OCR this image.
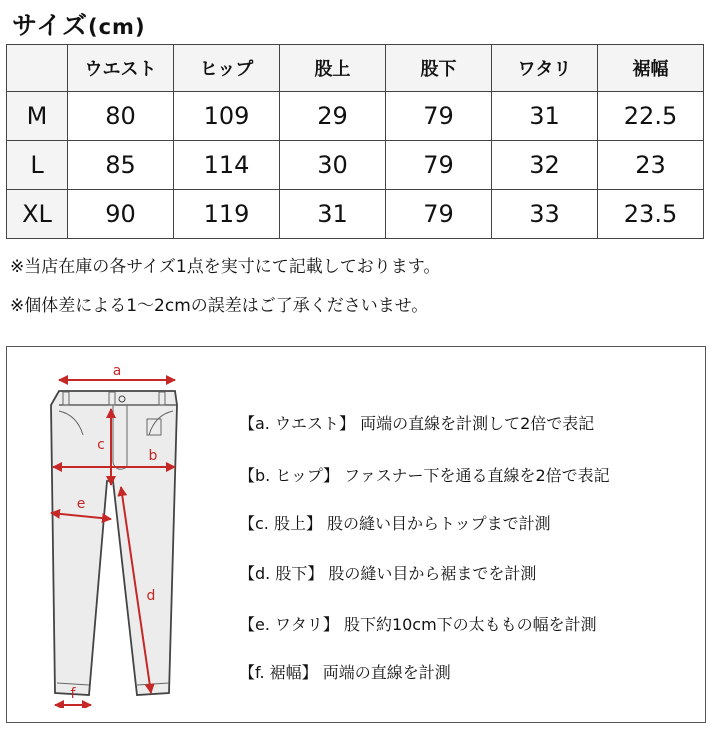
サイズ(cm)
	ウエスト	ヒップ	股上	股下	ワタリ	裾幅
M	80	109	29	79	31	22.5
L	85	114	30	79	32	23
XL	90	119	31	79	33	23.5
※当店在庫の各サイズ1点を実寸にて記載しております。
※個体差による1〜2cmの誤差はご了承くださいませ。
a
b
c
e
d
f
【a. ウエスト】 両端の直線を計測して2倍で表記
【b. ヒップ】 ファスナー下を通る直線を2倍で表記
【c. 股上】 股の縫い目からトップまで計測
【d. 股下】 股の縫い目から裾までを計測
【e. ワタリ】 股下約10cm下の太ももの幅を計測
【f. 裾幅】 両端の直線を計測
